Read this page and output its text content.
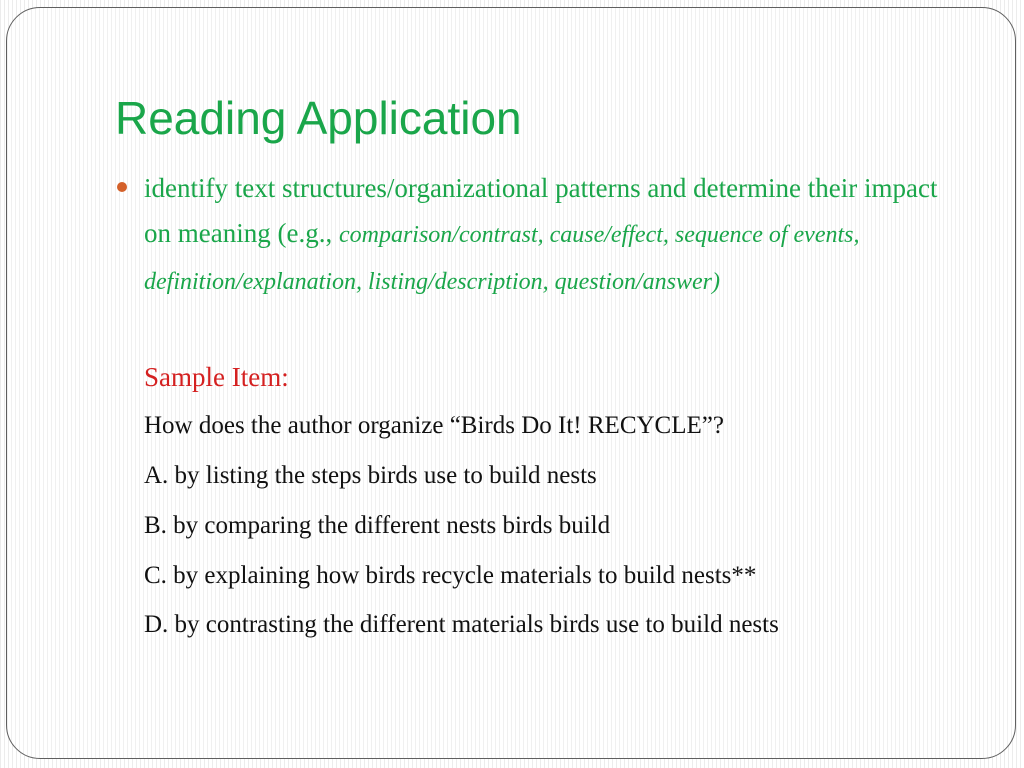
Reading Application

identify text structures/organizational patterns and determine their impact on meaning (e.g., comparison/contrast, cause/effect, sequence of events, definition/explanation, listing/description, question/answer)

Sample Item:

How does the author organize “Birds Do It! RECYCLE”?

A. by listing the steps birds use to build nests

B. by comparing the different nests birds build

C. by explaining how birds recycle materials to build nests**

D. by contrasting the different materials birds use to build nests
